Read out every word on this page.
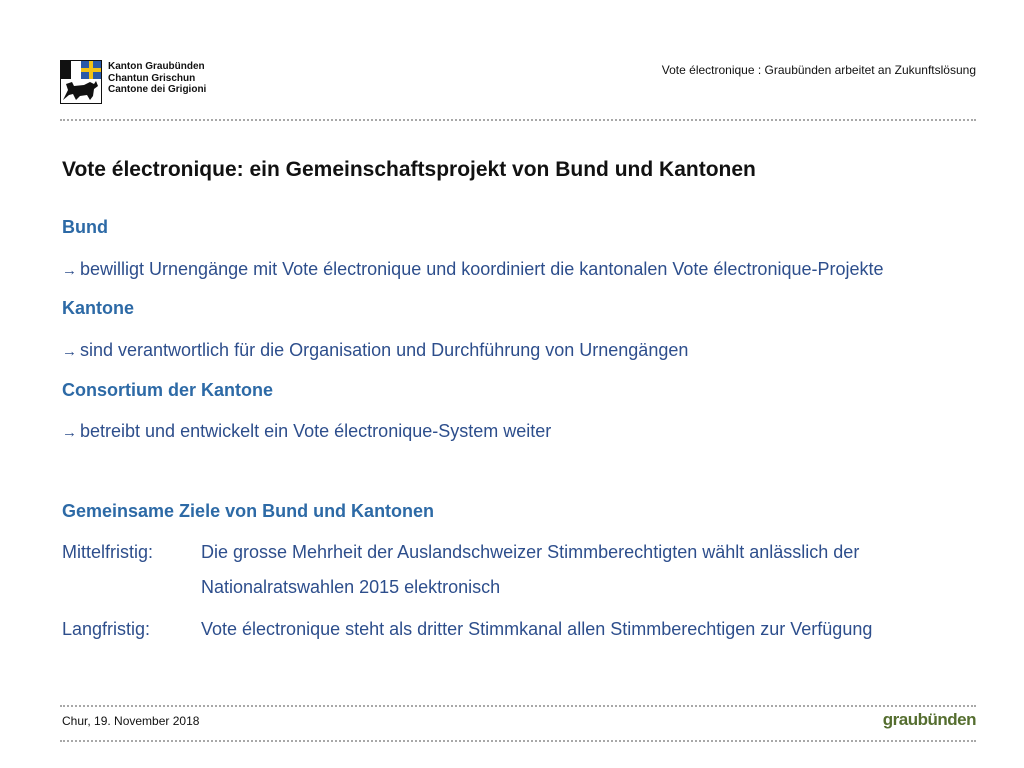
Kanton Graubünden
Chantun Grischun
Cantone dei Grigioni
Vote électronique : Graubünden arbeitet an Zukunftslösung
Vote électronique: ein Gemeinschaftsprojekt von Bund und Kantonen
Bund
→ bewilligt Urnengänge mit Vote électronique und koordiniert die kantonalen Vote électronique-Projekte
Kantone
→ sind verantwortlich für die Organisation und Durchführung von Urnengängen
Consortium der Kantone
→ betreibt und entwickelt ein Vote électronique-System weiter
Gemeinsame Ziele von Bund und Kantonen
Mittelfristig:	Die grosse Mehrheit der Auslandschweizer Stimmberechtigten wählt anlässlich der
Nationalratswahlen 2015 elektronisch
Langfristig:	Vote électronique steht als dritter Stimmkanal allen Stimmberechtigen zur Verfügung
Chur, 19. November 2018	graubünden
